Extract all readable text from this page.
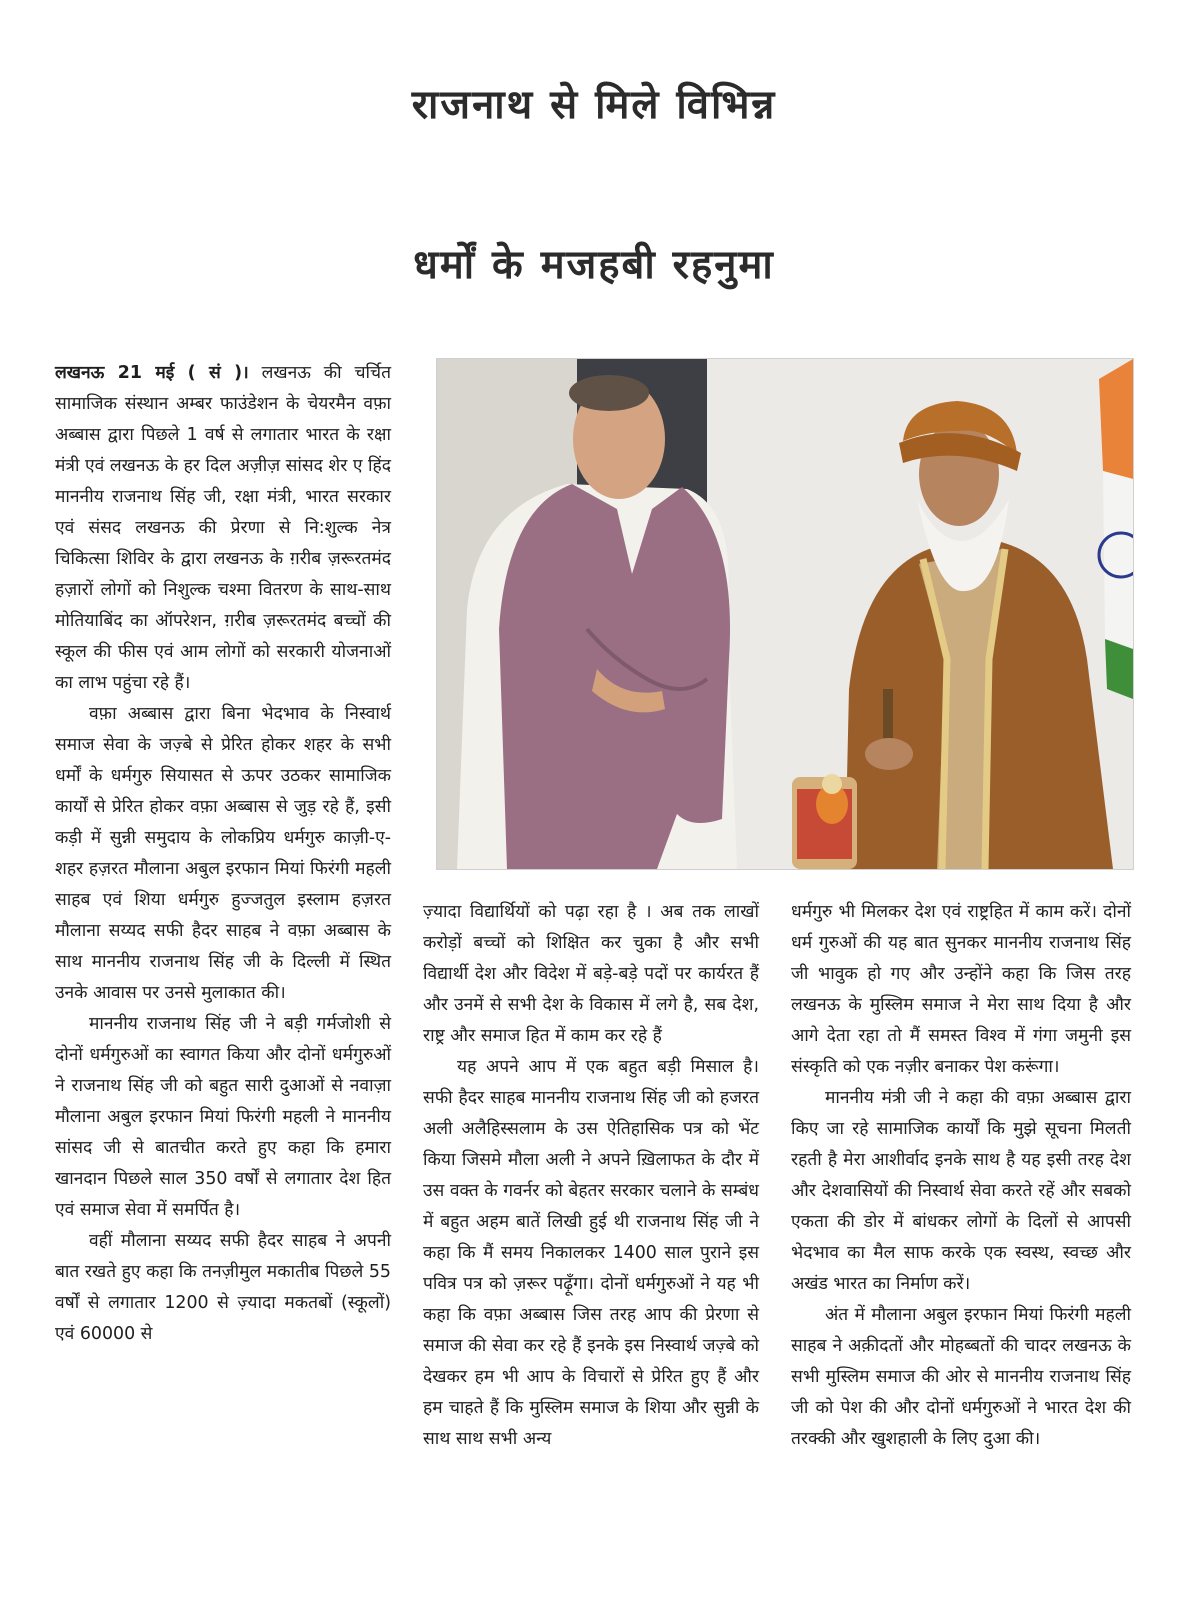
राजनाथ से मिले विभिन्न
धर्मों के मजहबी रहनुमा

लखनऊ 21 मई ( सं )। लखनऊ की चर्चित सामाजिक संस्थान अम्बर फाउंडेशन के चेयरमैन वफ़ा अब्बास द्वारा पिछले 1 वर्ष से लगातार भारत के रक्षा मंत्री एवं लखनऊ के हर दिल अज़ीज़ सांसद शेर ए हिंद माननीय राजनाथ सिंह जी, रक्षा मंत्री, भारत सरकार एवं संसद लखनऊ की प्रेरणा से नि:शुल्क नेत्र चिकित्सा शिविर के द्वारा लखनऊ के ग़रीब ज़रूरतमंद हज़ारों लोगों को निशुल्क चश्मा वितरण के साथ-साथ मोतियाबिंद का ऑपरेशन, ग़रीब ज़रूरतमंद बच्चों की स्कूल की फीस एवं आम लोगों को सरकारी योजनाओं का लाभ पहुंचा रहे हैं।

वफ़ा अब्बास द्वारा बिना भेदभाव के निस्वार्थ समाज सेवा के जज़्बे से प्रेरित होकर शहर के सभी धर्मों के धर्मगुरु सियासत से ऊपर उठकर सामाजिक कार्यों से प्रेरित होकर वफ़ा अब्बास से जुड़ रहे हैं, इसी कड़ी में सुन्नी समुदाय के लोकप्रिय धर्मगुरु काज़ी-ए-शहर हज़रत मौलाना अबुल इरफान मियां फिरंगी महली साहब एवं शिया धर्मगुरु हुज्जतुल इस्लाम हज़रत मौलाना सय्यद सफी हैदर साहब ने वफ़ा अब्बास के साथ माननीय राजनाथ सिंह जी के दिल्ली में स्थित उनके आवास पर उनसे मुलाकात की।

माननीय राजनाथ सिंह जी ने बड़ी गर्मजोशी से दोनों धर्मगुरुओं का स्वागत किया और दोनों धर्मगुरुओं ने राजनाथ सिंह जी को बहुत सारी दुआओं से नवाज़ा मौलाना अबुल इरफान मियां फिरंगी महली ने माननीय सांसद जी से बातचीत करते हुए कहा कि हमारा खानदान पिछले साल 350 वर्षों से लगातार देश हित एवं समाज सेवा में समर्पित है।

वहीं मौलाना सय्यद सफी हैदर साहब ने अपनी बात रखते हुए कहा कि तनज़ीमुल मकातीब पिछले 55 वर्षों से लगातार 1200 से ज़्यादा मकतबों (स्कूलों) एवं 60000 से

ज़्यादा विद्यार्थियों को पढ़ा रहा है । अब तक लाखों करोड़ों बच्चों को शिक्षित कर चुका है और सभी विद्यार्थी देश और विदेश में बड़े-बड़े पदों पर कार्यरत हैं और उनमें से सभी देश के विकास में लगे है, सब देश, राष्ट्र और समाज हित में काम कर रहे हैं

यह अपने आप में एक बहुत बड़ी मिसाल है। सफी हैदर साहब माननीय राजनाथ सिंह जी को हजरत अली अलैहिस्सलाम के उस ऐतिहासिक पत्र को भेंट किया जिसमे मौला अली ने अपने ख़िलाफत के दौर में उस वक्त के गवर्नर को बेहतर सरकार चलाने के सम्बंध में बहुत अहम बातें लिखी हुई थी राजनाथ सिंह जी ने कहा कि मैं समय निकालकर 1400 साल पुराने इस पवित्र पत्र को ज़रूर पढ़ूँगा। दोनों धर्मगुरुओं ने यह भी कहा कि वफ़ा अब्बास जिस तरह आप की प्रेरणा से समाज की सेवा कर रहे हैं इनके इस निस्वार्थ जज़्बे को देखकर हम भी आप के विचारों से प्रेरित हुए हैं और हम चाहते हैं कि मुस्लिम समाज के शिया और सुन्नी के साथ साथ सभी अन्य

धर्मगुरु भी मिलकर देश एवं राष्ट्रहित में काम करें। दोनों धर्म गुरुओं की यह बात सुनकर माननीय राजनाथ सिंह जी भावुक हो गए और उन्होंने कहा कि जिस तरह लखनऊ के मुस्लिम समाज ने मेरा साथ दिया है और आगे देता रहा तो मैं समस्त विश्व में गंगा जमुनी इस संस्कृति को एक नज़ीर बनाकर पेश करूंगा।

माननीय मंत्री जी ने कहा की वफ़ा अब्बास द्वारा किए जा रहे सामाजिक कार्यों कि मुझे सूचना मिलती रहती है मेरा आशीर्वाद इनके साथ है यह इसी तरह देश और देशवासियों की निस्वार्थ सेवा करते रहें और सबको एकता की डोर में बांधकर लोगों के दिलों से आपसी भेदभाव का मैल साफ करके एक स्वस्थ, स्वच्छ और अखंड भारत का निर्माण करें।

अंत में मौलाना अबुल इरफान मियां फिरंगी महली साहब ने अक़ीदतों और मोहब्बतों की चादर लखनऊ के सभी मुस्लिम समाज की ओर से माननीय राजनाथ सिंह जी को पेश की और दोनों धर्मगुरुओं ने भारत देश की तरक्की और खुशहाली के लिए दुआ की।
